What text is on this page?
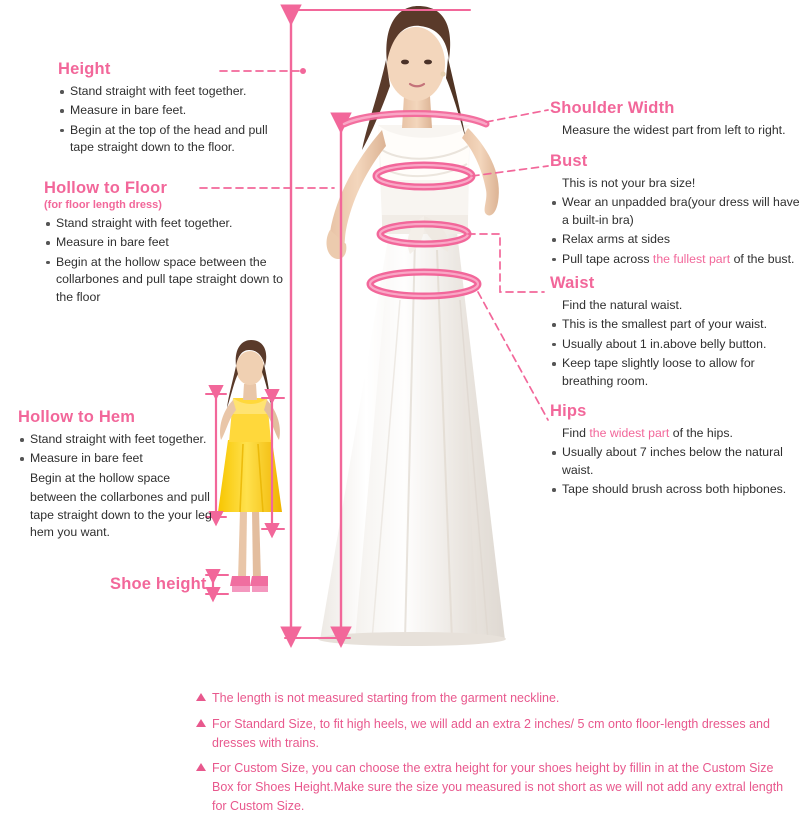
Height
Stand straight with feet together.
Measure in bare feet.
Begin at the top of the head and pull tape straight down to the floor.
Hollow to Floor
(for floor length dress)
Stand straight with feet together.
Measure in bare feet
Begin at the hollow space between the collarbones and pull tape straight down to the floor
Hollow to Hem
Stand straight with feet together.
Measure in bare feet
Begin at the hollow space
between the collarbones and pull tape straight down to the your leg hem you want.
Shoe height
Shoulder Width
Measure the widest part from left to right.
Bust
This is not your bra size!
Wear an unpadded bra(your dress will have a built-in bra)
Relax arms at sides
Pull tape across the fullest part of the bust.
Waist
Find the natural waist.
This is the smallest part of your waist.
Usually about 1 in.above belly button.
Keep tape slightly loose to allow for breathing room.
Hips
Find the widest part of the hips.
Usually about 7 inches below the natural waist.
Tape should brush across both hipbones.
The length is not measured starting from the garment neckline.
For Standard Size, to fit high heels, we will add an extra 2 inches/ 5 cm onto floor-length dresses and dresses with trains.
For Custom Size, you can choose the extra height for your shoes height by fillin in at the Custom Size Box for Shoes Height.Make sure the size you measured is not short as we will not add any extral length for Custom Size.
